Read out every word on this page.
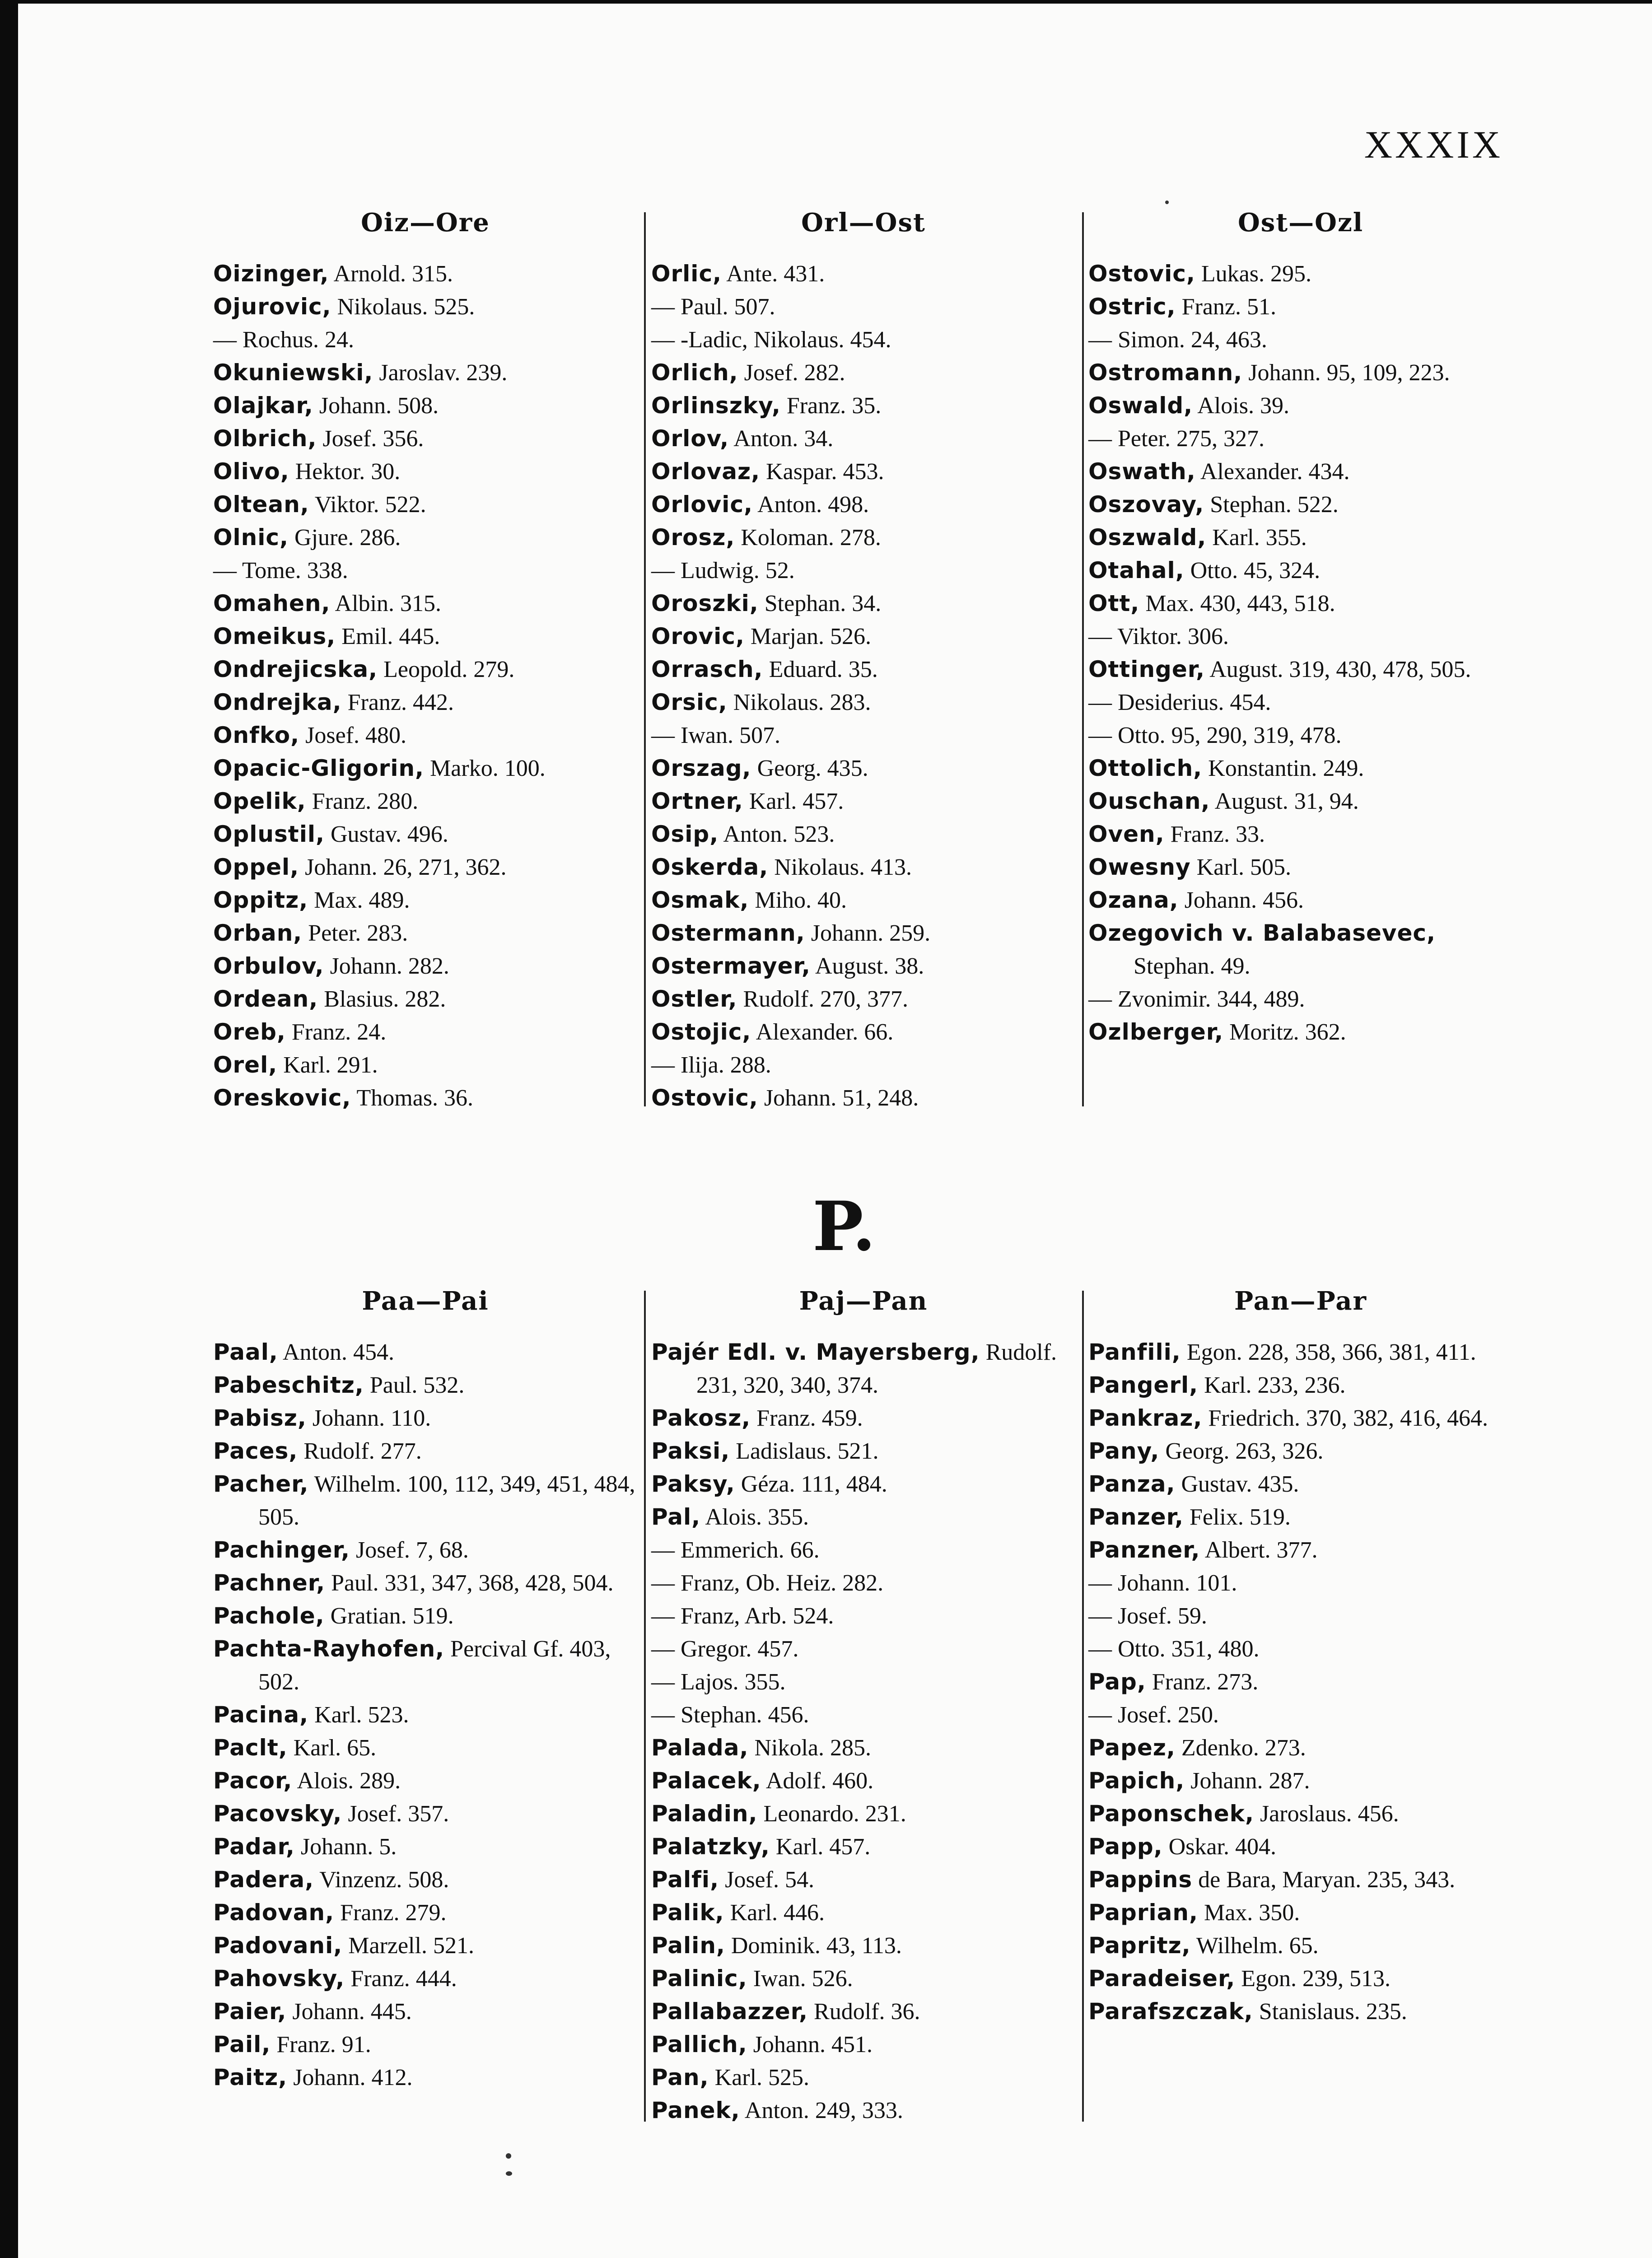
XXXIX
Oiz—Ore
Oizinger, Arnold. 315.
Ojurovic, Nikolaus. 525.
— Rochus. 24.
Okuniewski, Jaroslav. 239.
Olajkar, Johann. 508.
Olbrich, Josef. 356.
Olivo, Hektor. 30.
Oltean, Viktor. 522.
Olnic, Gjure. 286.
— Tome. 338.
Omahen, Albin. 315.
Omeikus, Emil. 445.
Ondrejicska, Leopold. 279.
Ondrejka, Franz. 442.
Onfko, Josef. 480.
Opacic-Gligorin, Marko. 100.
Opelik, Franz. 280.
Oplustil, Gustav. 496.
Oppel, Johann. 26, 271, 362.
Oppitz, Max. 489.
Orban, Peter. 283.
Orbulov, Johann. 282.
Ordean, Blasius. 282.
Oreb, Franz. 24.
Orel, Karl. 291.
Oreskovic, Thomas. 36.
Orl—Ost
Orlic, Ante. 431.
— Paul. 507.
— -Ladic, Nikolaus. 454.
Orlich, Josef. 282.
Orlinszky, Franz. 35.
Orlov, Anton. 34.
Orlovaz, Kaspar. 453.
Orlovic, Anton. 498.
Orosz, Koloman. 278.
— Ludwig. 52.
Oroszki, Stephan. 34.
Orovic, Marjan. 526.
Orrasch, Eduard. 35.
Orsic, Nikolaus. 283.
— Iwan. 507.
Orszag, Georg. 435.
Ortner, Karl. 457.
Osip, Anton. 523.
Oskerda, Nikolaus. 413.
Osmak, Miho. 40.
Ostermann, Johann. 259.
Ostermayer, August. 38.
Ostler, Rudolf. 270, 377.
Ostojic, Alexander. 66.
— Ilija. 288.
Ostovic, Johann. 51, 248.
Ost—Ozl
Ostovic, Lukas. 295.
Ostric, Franz. 51.
— Simon. 24, 463.
Ostromann, Johann. 95, 109, 223.
Oswald, Alois. 39.
— Peter. 275, 327.
Oswath, Alexander. 434.
Oszovay, Stephan. 522.
Oszwald, Karl. 355.
Otahal, Otto. 45, 324.
Ott, Max. 430, 443, 518.
— Viktor. 306.
Ottinger, August. 319, 430, 478, 505.
— Desiderius. 454.
— Otto. 95, 290, 319, 478.
Ottolich, Konstantin. 249.
Ouschan, August. 31, 94.
Oven, Franz. 33.
Owesny Karl. 505.
Ozana, Johann. 456.
Ozegovich v. Balabasevec, Stephan. 49.
— Zvonimir. 344, 489.
Ozlberger, Moritz. 362.
P.
Paa—Pai
Paal, Anton. 454.
Pabeschitz, Paul. 532.
Pabisz, Johann. 110.
Paces, Rudolf. 277.
Pacher, Wilhelm. 100, 112, 349, 451, 484, 505.
Pachinger, Josef. 7, 68.
Pachner, Paul. 331, 347, 368, 428, 504.
Pachole, Gratian. 519.
Pachta-Rayhofen, Percival Gf. 403, 502.
Pacina, Karl. 523.
Paclt, Karl. 65.
Pacor, Alois. 289.
Pacovsky, Josef. 357.
Padar, Johann. 5.
Padera, Vinzenz. 508.
Padovan, Franz. 279.
Padovani, Marzell. 521.
Pahovsky, Franz. 444.
Paier, Johann. 445.
Pail, Franz. 91.
Paitz, Johann. 412.
Paj—Pan
Pajér Edl. v. Mayersberg, Rudolf. 231, 320, 340, 374.
Pakosz, Franz. 459.
Paksi, Ladislaus. 521.
Paksy, Géza. 111, 484.
Pal, Alois. 355.
— Emmerich. 66.
— Franz, Ob. Heiz. 282.
— Franz, Arb. 524.
— Gregor. 457.
— Lajos. 355.
— Stephan. 456.
Palada, Nikola. 285.
Palacek, Adolf. 460.
Paladin, Leonardo. 231.
Palatzky, Karl. 457.
Palfi, Josef. 54.
Palik, Karl. 446.
Palin, Dominik. 43, 113.
Palinic, Iwan. 526.
Pallabazzer, Rudolf. 36.
Pallich, Johann. 451.
Pan, Karl. 525.
Panek, Anton. 249, 333.
Pan—Par
Panfili, Egon. 228, 358, 366, 381, 411.
Pangerl, Karl. 233, 236.
Pankraz, Friedrich. 370, 382, 416, 464.
Pany, Georg. 263, 326.
Panza, Gustav. 435.
Panzer, Felix. 519.
Panzner, Albert. 377.
— Johann. 101.
— Josef. 59.
— Otto. 351, 480.
Pap, Franz. 273.
— Josef. 250.
Papez, Zdenko. 273.
Papich, Johann. 287.
Paponschek, Jaroslaus. 456.
Papp, Oskar. 404.
Pappins de Bara, Maryan. 235, 343.
Paprian, Max. 350.
Papritz, Wilhelm. 65.
Paradeiser, Egon. 239, 513.
Parafszczak, Stanislaus. 235.
